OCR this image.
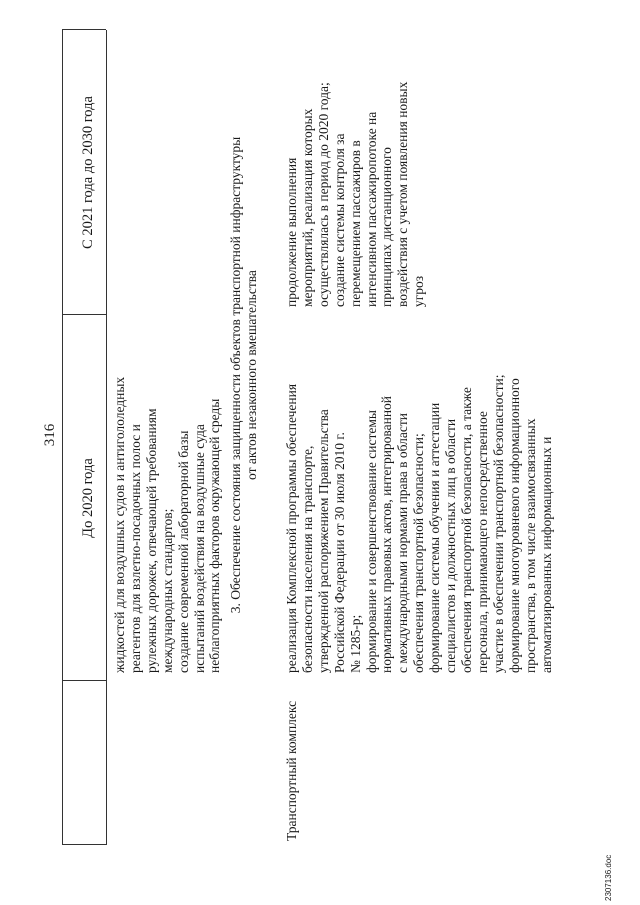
316
До 2020 года
С 2021 года до 2030 года
жидкостей для воздушных судов и антигололедных реагентов для взлетно-посадочных полос и рулежных дорожек, отвечающей требованиям международных стандартов; создание современной лабораторной базы испытаний воздействия на воздушные суда неблагоприятных факторов окружающей среды 3. Обеспечение состояния защищенности объектов транспортной инфраструктуры от актов незаконного вмешательства
Транспортный комплекс
реализация Комплексной программы обеспечения безопасности населения на транспорте, утвержденной распоряжением Правительства Российской Федерации от 30 июля 2010 г. № 1285-р; формирование и совершенствование системы нормативных правовых актов, интегрированной с международными нормами права в области обеспечения транспортной безопасности; формирование системы обучения и аттестации специалистов и должностных лиц в области обеспечения транспортной безопасности, а также персонала, принимающего непосредственное участие в обеспечении транспортной безопасности; формирование многоуровневого информационного пространства, в том числе взаимосвязанных автоматизированных информационных и
продолжение выполнения мероприятий, реализация которых осуществлялась в период до 2020 года; создание системы контроля за перемещением пассажиров в интенсивном пассажиропотоке на принципах дистанционного воздействия с учетом появления новых угроз
2307136.doc
